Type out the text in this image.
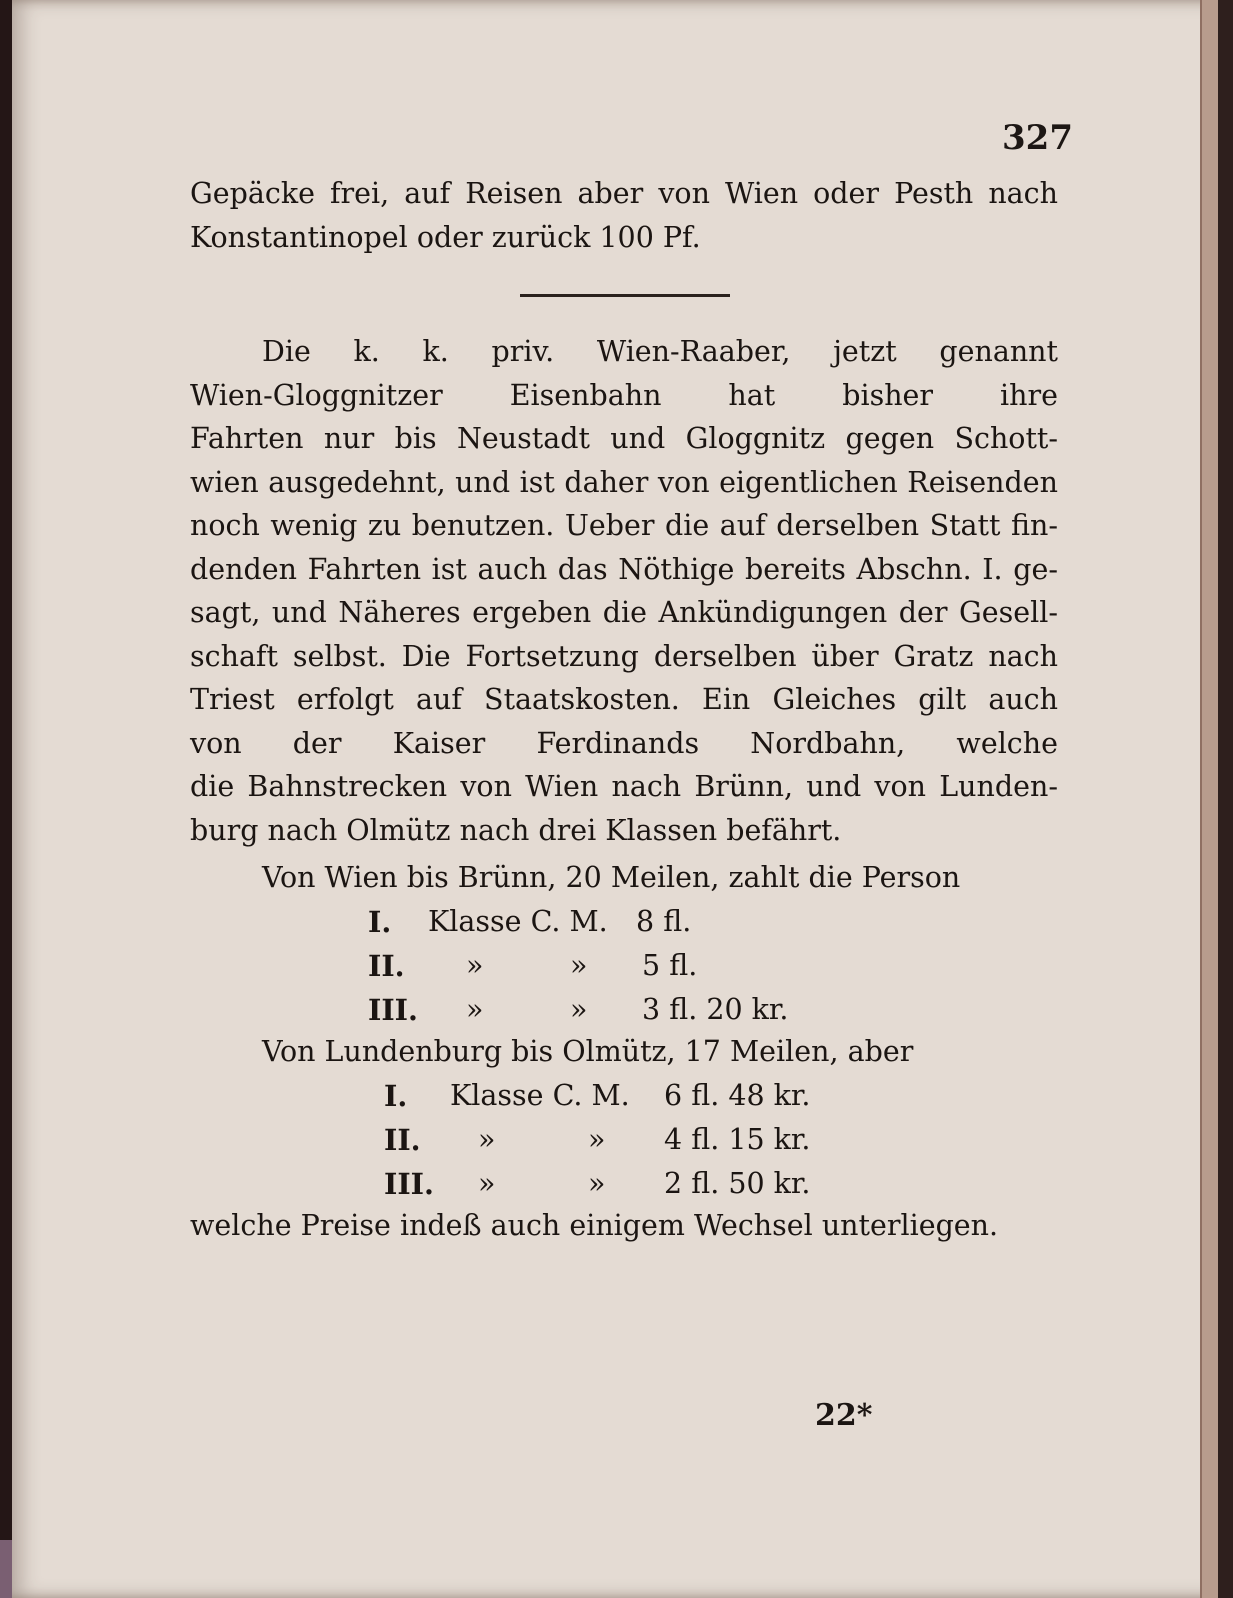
327
Gepäcke frei, auf Reisen aber von Wien oder Pesth nach
Konstantinopel oder zurück 100 Pf.
Die k. k. priv. Wien-Raaber, jetzt genannt
Wien-Gloggnitzer Eisenbahn hat bisher ihre
Fahrten nur bis Neustadt und Gloggnitz gegen Schott-
wien ausgedehnt, und ist daher von eigentlichen Reisenden
noch wenig zu benutzen. Ueber die auf derselben Statt fin-
denden Fahrten ist auch das Nöthige bereits Abschn. I. ge-
sagt, und Näheres ergeben die Ankündigungen der Gesell-
schaft selbst. Die Fortsetzung derselben über Gratz nach
Triest erfolgt auf Staatskosten. Ein Gleiches gilt auch
von der Kaiser Ferdinands Nordbahn, welche
die Bahnstrecken von Wien nach Brünn, und von Lunden-
burg nach Olmütz nach drei Klassen befährt.
Von Wien bis Brünn, 20 Meilen, zahlt die Person
I. Klasse C. M. 8 fl.
II. »	» 5 fl.
III. »	» 3 fl. 20 kr.
Von Lundenburg bis Olmütz, 17 Meilen, aber
I. Klasse C. M. 6 fl. 48 kr.
II. »	» 4 fl. 15 kr.
III. »	» 2 fl. 50 kr.
welche Preise indeß auch einigem Wechsel unterliegen.
22*
